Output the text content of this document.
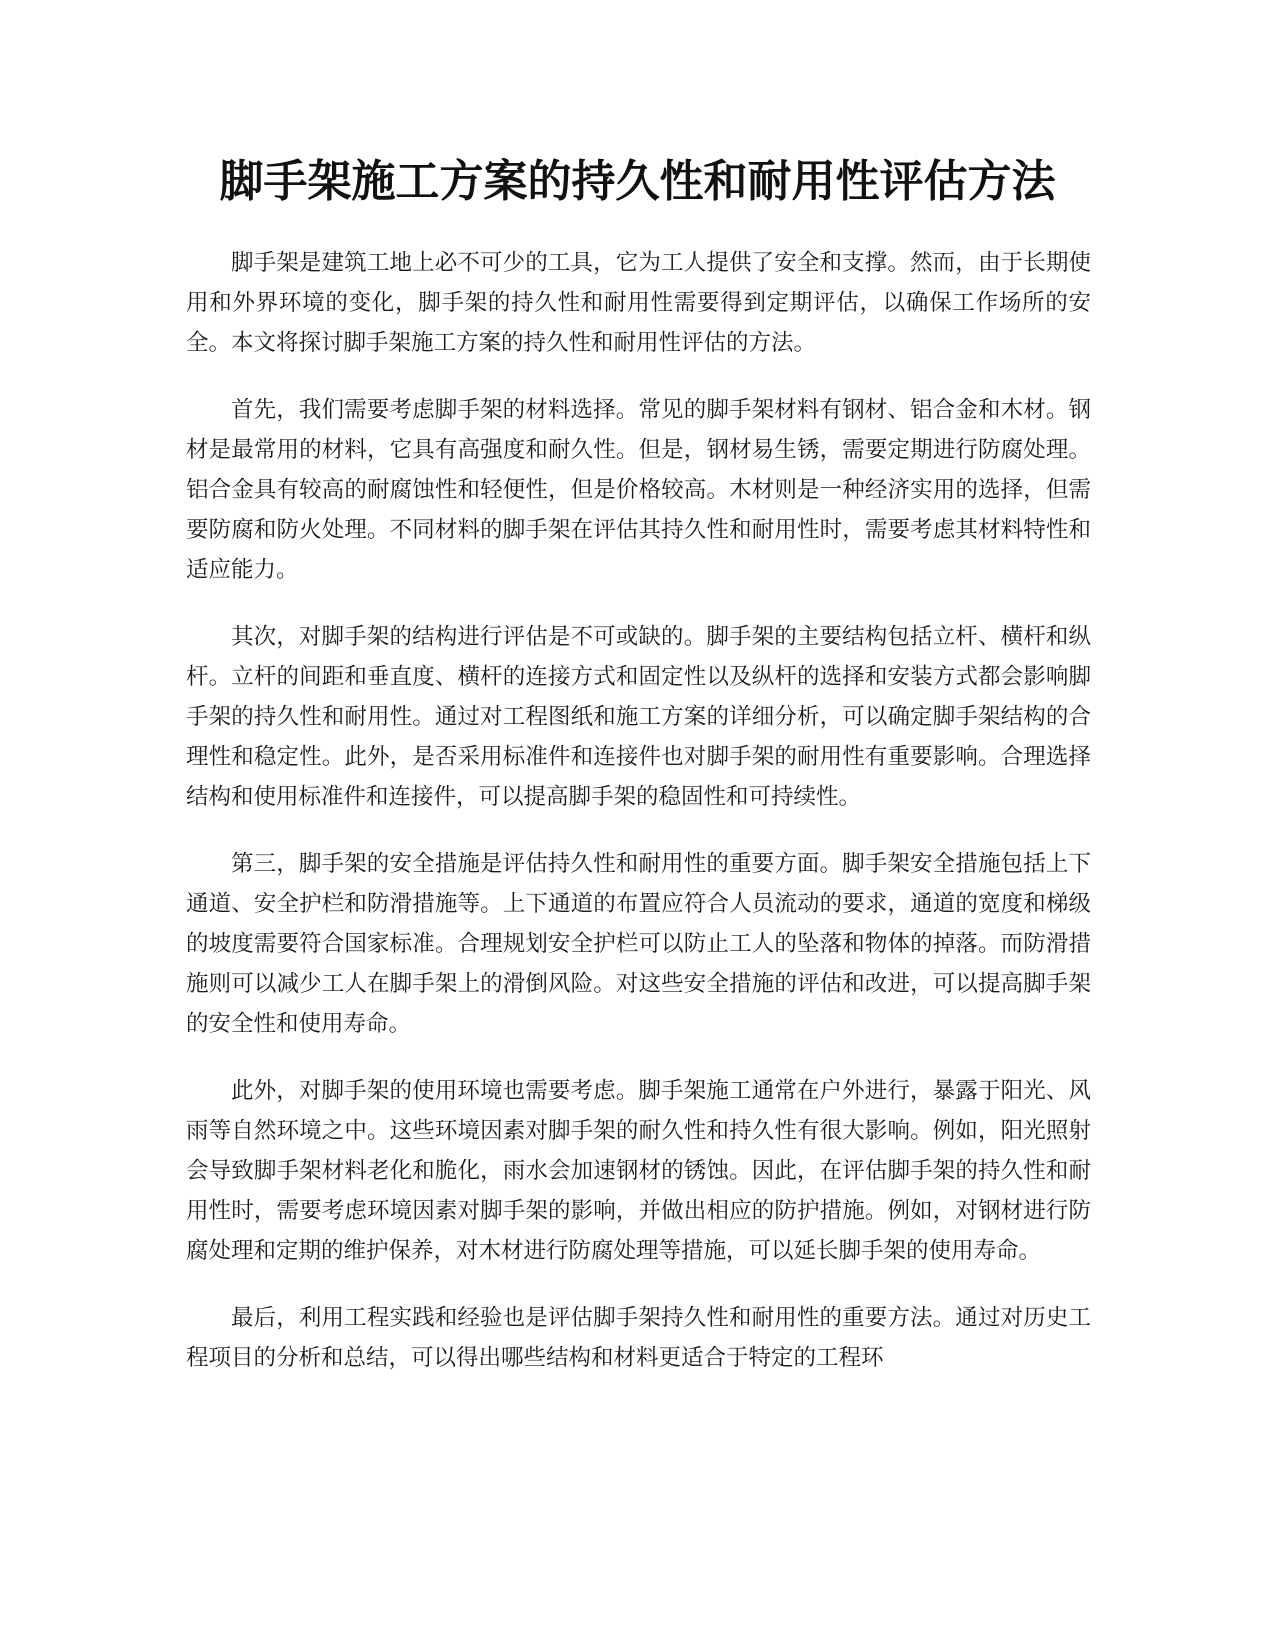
脚手架施工方案的持久性和耐用性评估方法

脚手架是建筑工地上必不可少的工具，它为工人提供了安全和支撑。然而，由于长期使用和外界环境的变化，脚手架的持久性和耐用性需要得到定期评估，以确保工作场所的安全。本文将探讨脚手架施工方案的持久性和耐用性评估的方法。

首先，我们需要考虑脚手架的材料选择。常见的脚手架材料有钢材、铝合金和木材。钢材是最常用的材料，它具有高强度和耐久性。但是，钢材易生锈，需要定期进行防腐处理。铝合金具有较高的耐腐蚀性和轻便性，但是价格较高。木材则是一种经济实用的选择，但需要防腐和防火处理。不同材料的脚手架在评估其持久性和耐用性时，需要考虑其材料特性和适应能力。

其次，对脚手架的结构进行评估是不可或缺的。脚手架的主要结构包括立杆、横杆和纵杆。立杆的间距和垂直度、横杆的连接方式和固定性以及纵杆的选择和安装方式都会影响脚手架的持久性和耐用性。通过对工程图纸和施工方案的详细分析，可以确定脚手架结构的合理性和稳定性。此外，是否采用标准件和连接件也对脚手架的耐用性有重要影响。合理选择结构和使用标准件和连接件，可以提高脚手架的稳固性和可持续性。

第三，脚手架的安全措施是评估持久性和耐用性的重要方面。脚手架安全措施包括上下通道、安全护栏和防滑措施等。上下通道的布置应符合人员流动的要求，通道的宽度和梯级的坡度需要符合国家标准。合理规划安全护栏可以防止工人的坠落和物体的掉落。而防滑措施则可以减少工人在脚手架上的滑倒风险。对这些安全措施的评估和改进，可以提高脚手架的安全性和使用寿命。

此外，对脚手架的使用环境也需要考虑。脚手架施工通常在户外进行，暴露于阳光、风雨等自然环境之中。这些环境因素对脚手架的耐久性和持久性有很大影响。例如，阳光照射会导致脚手架材料老化和脆化，雨水会加速钢材的锈蚀。因此，在评估脚手架的持久性和耐用性时，需要考虑环境因素对脚手架的影响，并做出相应的防护措施。例如，对钢材进行防腐处理和定期的维护保养，对木材进行防腐处理等措施，可以延长脚手架的使用寿命。

最后，利用工程实践和经验也是评估脚手架持久性和耐用性的重要方法。通过对历史工程项目的分析和总结，可以得出哪些结构和材料更适合于特定的工程环
